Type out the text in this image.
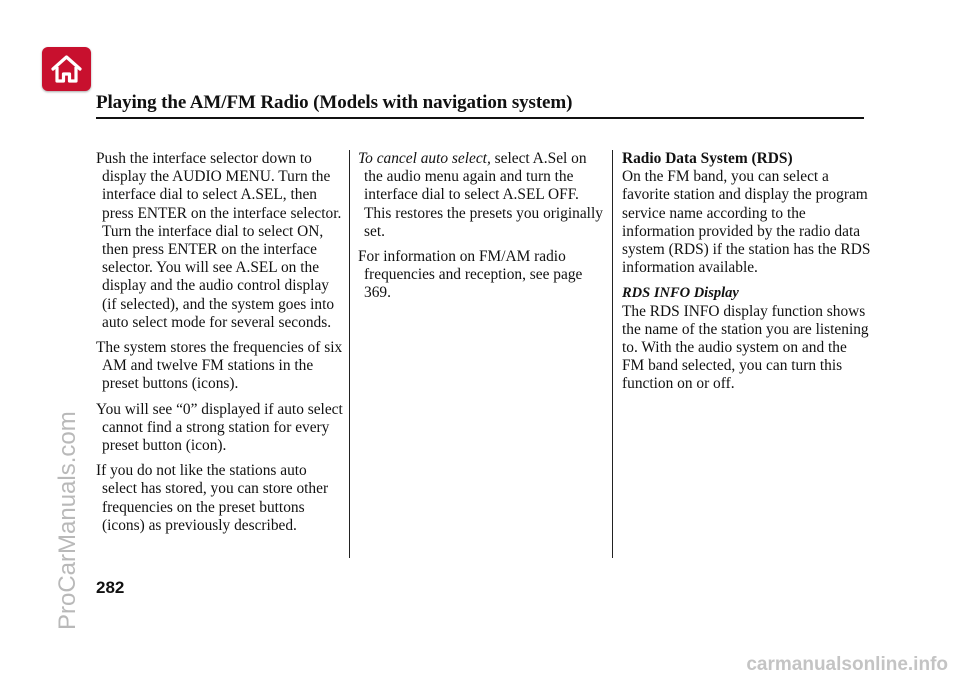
Playing the AM/FM Radio (Models with navigation system)

Push the interface selector down to display the AUDIO MENU. Turn the interface dial to select A.SEL, then press ENTER on the interface selector. Turn the interface dial to select ON, then press ENTER on the interface selector. You will see A.SEL on the display and the audio control display (if selected), and the system goes into auto select mode for several seconds.

The system stores the frequencies of six AM and twelve FM stations in the preset buttons (icons).

You will see “0” displayed if auto select cannot find a strong station for every preset button (icon).

If you do not like the stations auto select has stored, you can store other frequencies on the preset buttons (icons) as previously described.

To cancel auto select, select A.Sel on the audio menu again and turn the interface dial to select A.SEL OFF. This restores the presets you originally set.

For information on FM/AM radio frequencies and reception, see page 369.

Radio Data System (RDS)
On the FM band, you can select a favorite station and display the program service name according to the information provided by the radio data system (RDS) if the station has the RDS information available.

RDS INFO Display
The RDS INFO display function shows the name of the station you are listening to. With the audio system on and the FM band selected, you can turn this function on or off.

282

ProCarManuals.com
carmanualsonline.info
